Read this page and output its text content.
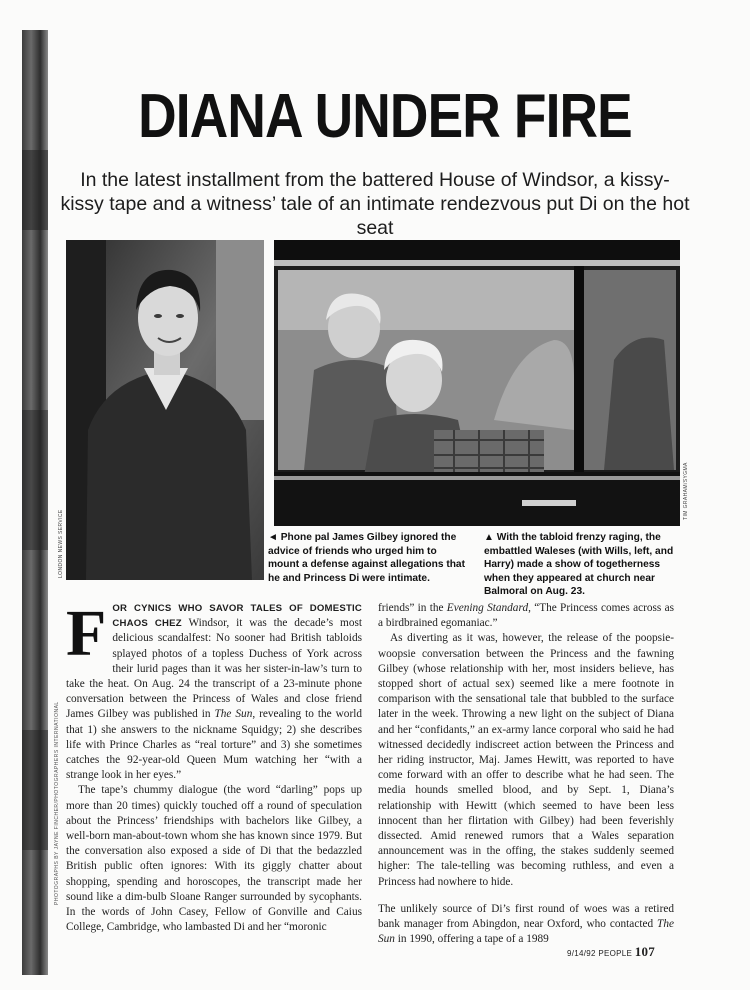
PHOTOGRAPHS BY JAYNE FINCHER/PHOTOGRAPHERS INTERNATIONAL
DIANA UNDER FIRE
In the latest installment from the battered House of Windsor, a kissy-kissy tape and a witness’ tale of an intimate rendezvous put Di on the hot seat
LONDON NEWS SERVICE
TIM GRAHAM/SYGMA
◄ Phone pal James Gilbey ignored the advice of friends who urged him to mount a defense against allegations that he and Princess Di were intimate.
▲ With the tabloid frenzy raging, the embattled Waleses (with Wills, left, and Harry) made a show of togetherness when they appeared at church near Balmoral on Aug. 23.

FOR CYNICS WHO SAVOR TALES OF DOMESTIC CHAOS CHEZ Windsor, it was the decade’s most delicious scandalfest: No sooner had British tabloids splayed photos of a topless Duchess of York across their lurid pages than it was her sister-in-law’s turn to take the heat. On Aug. 24 the transcript of a 23-minute phone conversation between the Princess of Wales and close friend James Gilbey was published in The Sun, revealing to the world that 1) she answers to the nickname Squidgy; 2) she describes life with Prince Charles as “real torture” and 3) she sometimes catches the 92-year-old Queen Mum watching her “with a strange look in her eyes.”

The tape’s chummy dialogue (the word “darling” pops up more than 20 times) quickly touched off a round of speculation about the Princess’ friendships with bachelors like Gilbey, a well-born man-about-town whom she has known since 1979. But the conversation also exposed a side of Di that the bedazzled British public often ignores: With its giggly chatter about shopping, spending and horoscopes, the transcript made her sound like a dim-bulb Sloane Ranger surrounded by sycophants. In the words of John Casey, Fellow of Gonville and Caius College, Cambridge, who lambasted Di and her “moronic

friends” in the Evening Standard, “The Princess comes across as a birdbrained egomaniac.”

As diverting as it was, however, the release of the poopsie-woopsie conversation between the Princess and the fawning Gilbey (whose relationship with her, most insiders believe, has stopped short of actual sex) seemed like a mere footnote in comparison with the sensational tale that bubbled to the surface later in the week. Throwing a new light on the subject of Diana and her “confidants,” an ex-army lance corporal who said he had witnessed decidedly indiscreet action between the Princess and her riding instructor, Maj. James Hewitt, was reported to have come forward with an offer to describe what he had seen. The media hounds smelled blood, and by Sept. 1, Diana’s relationship with Hewitt (which seemed to have been less innocent than her flirtation with Gilbey) had been feverishly dissected. Amid renewed rumors that a Wales separation announcement was in the offing, the stakes suddenly seemed higher: The tale-telling was becoming ruthless, and even a Princess had nowhere to hide.

The unlikely source of Di’s first round of woes was a retired bank manager from Abingdon, near Oxford, who contacted The Sun in 1990, offering a tape of a 1989

9/14/92 PEOPLE 107
